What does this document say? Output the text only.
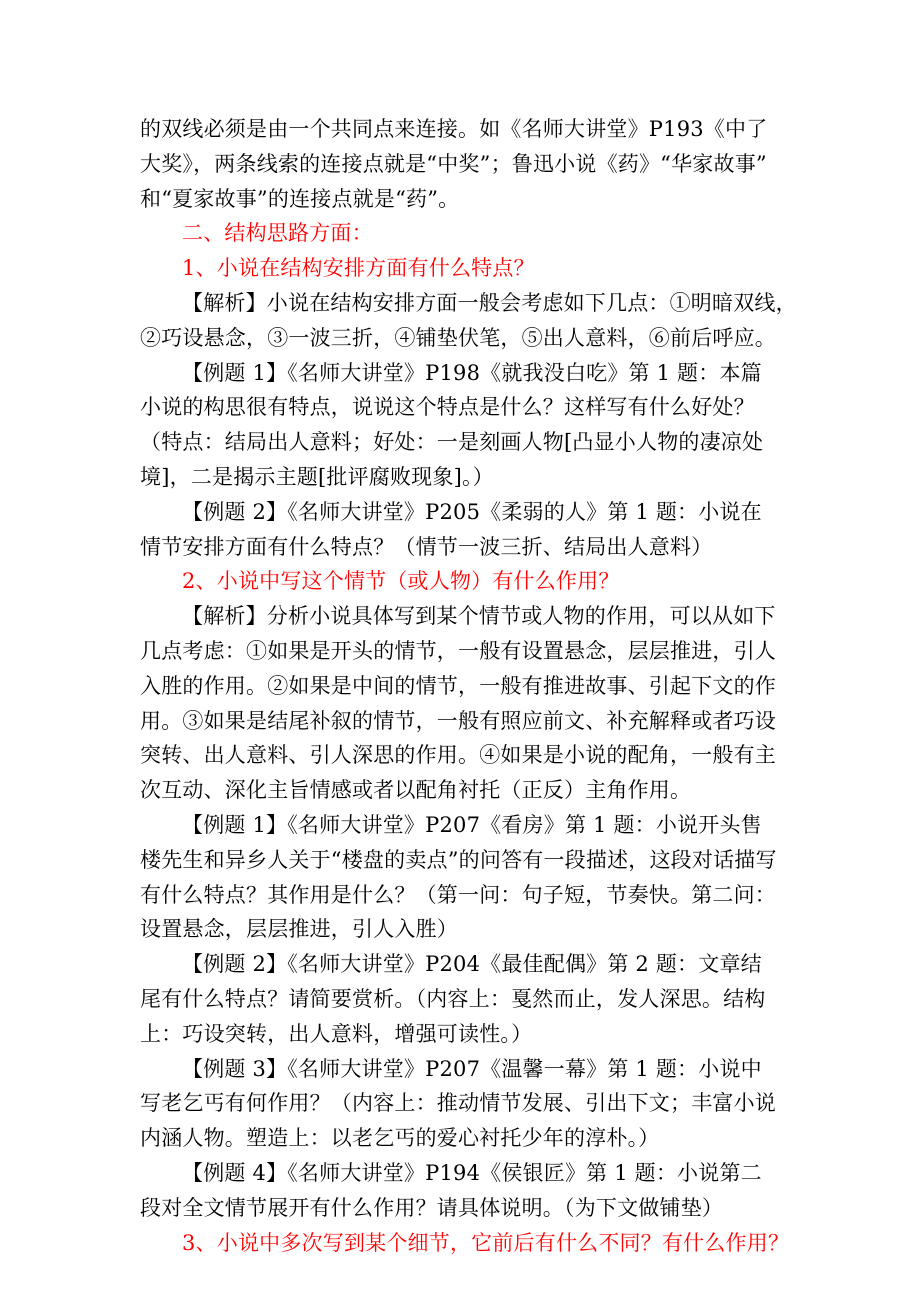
的双线必须是由一个共同点来连接。如《名师大讲堂》P193《中了
大奖》，两条线索的连接点就是“中奖”；鲁迅小说《药》“华家故事”
和“夏家故事”的连接点就是“药”。
二、结构思路方面：
1、小说在结构安排方面有什么特点？
【解析】小说在结构安排方面一般会考虑如下几点：①明暗双线，
②巧设悬念，③一波三折，④铺垫伏笔，⑤出人意料，⑥前后呼应。
【例题 1】《名师大讲堂》P198《就我没白吃》第 1 题：本篇
小说的构思很有特点，说说这个特点是什么？这样写有什么好处？
（特点：结局出人意料；好处：一是刻画人物[凸显小人物的凄凉处
境]，二是揭示主题[批评腐败现象]。）
【例题 2】《名师大讲堂》P205《柔弱的人》第 1 题：小说在
情节安排方面有什么特点？（情节一波三折、结局出人意料）
2、小说中写这个情节（或人物）有什么作用？
【解析】分析小说具体写到某个情节或人物的作用，可以从如下
几点考虑：①如果是开头的情节，一般有设置悬念，层层推进，引人
入胜的作用。②如果是中间的情节，一般有推进故事、引起下文的作
用。③如果是结尾补叙的情节，一般有照应前文、补充解释或者巧设
突转、出人意料、引人深思的作用。④如果是小说的配角，一般有主
次互动、深化主旨情感或者以配角衬托（正反）主角作用。
【例题 1】《名师大讲堂》P207《看房》第 1 题：小说开头售
楼先生和异乡人关于“楼盘的卖点”的问答有一段描述，这段对话描写
有什么特点？其作用是什么？（第一问：句子短，节奏快。第二问：
设置悬念，层层推进，引人入胜）
【例题 2】《名师大讲堂》P204《最佳配偶》第 2 题：文章结
尾有什么特点？请简要赏析。（内容上：戛然而止，发人深思。结构
上：巧设突转，出人意料，增强可读性。）
【例题 3】《名师大讲堂》P207《温馨一幕》第 1 题：小说中
写老乞丐有何作用？（内容上：推动情节发展、引出下文；丰富小说
内涵人物。塑造上：以老乞丐的爱心衬托少年的淳朴。）
【例题 4】《名师大讲堂》P194《侯银匠》第 1 题：小说第二
段对全文情节展开有什么作用？请具体说明。（为下文做铺垫）
3、小说中多次写到某个细节，它前后有什么不同？有什么作用？
